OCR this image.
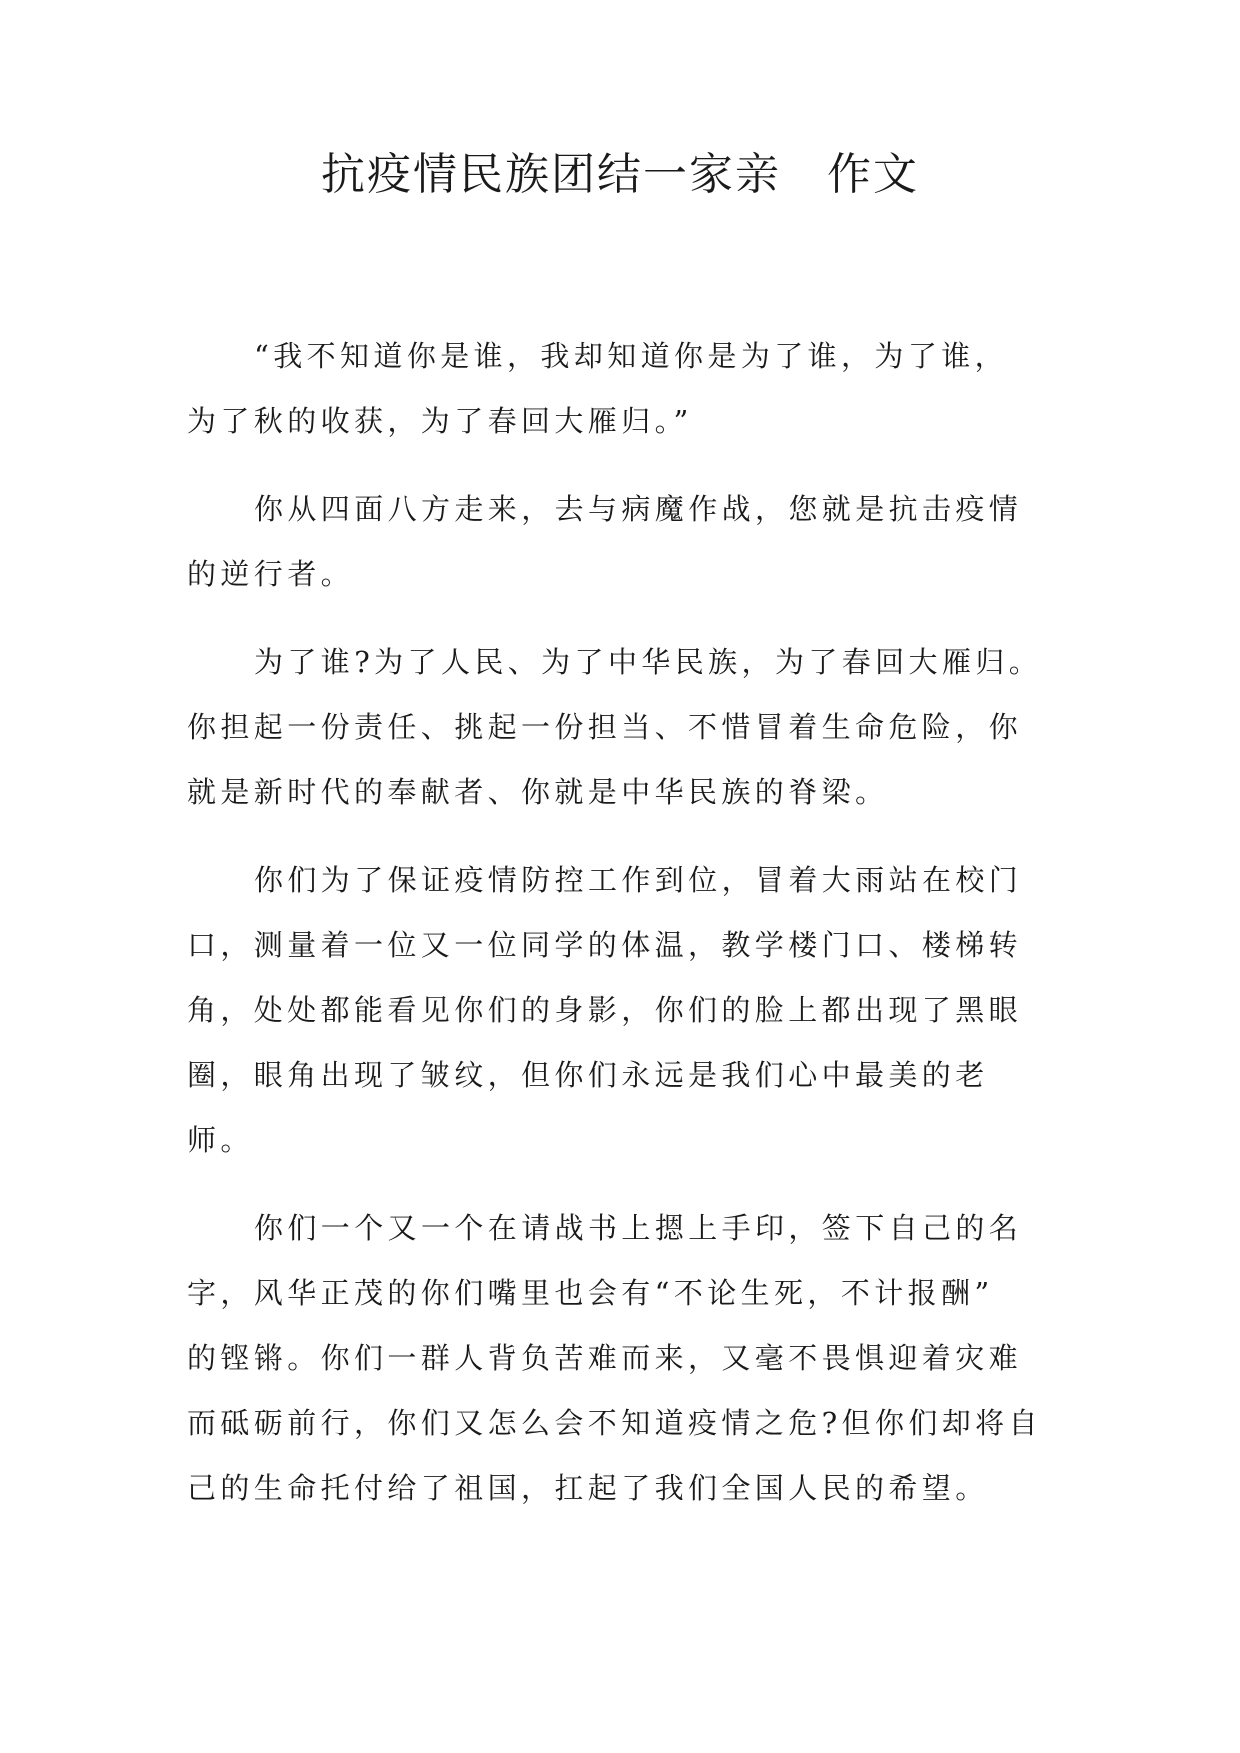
抗疫情民族团结一家亲　作文
“我不知道你是谁，我却知道你是为了谁，为了谁，
为了秋的收获，为了春回大雁归。”
你从四面八方走来，去与病魔作战，您就是抗击疫情
的逆行者。
为了谁?为了人民、为了中华民族，为了春回大雁归。
你担起一份责任、挑起一份担当、不惜冒着生命危险，你
就是新时代的奉献者、你就是中华民族的脊梁。
你们为了保证疫情防控工作到位，冒着大雨站在校门
口，测量着一位又一位同学的体温，教学楼门口、楼梯转
角，处处都能看见你们的身影，你们的脸上都出现了黑眼
圈，眼角出现了皱纹，但你们永远是我们心中最美的老
师。
你们一个又一个在请战书上摁上手印，签下自己的名
字，风华正茂的你们嘴里也会有“不论生死，不计报酬”
的铿锵。你们一群人背负苦难而来，又毫不畏惧迎着灾难
而砥砺前行，你们又怎么会不知道疫情之危?但你们却将自
己的生命托付给了祖国，扛起了我们全国人民的希望。
